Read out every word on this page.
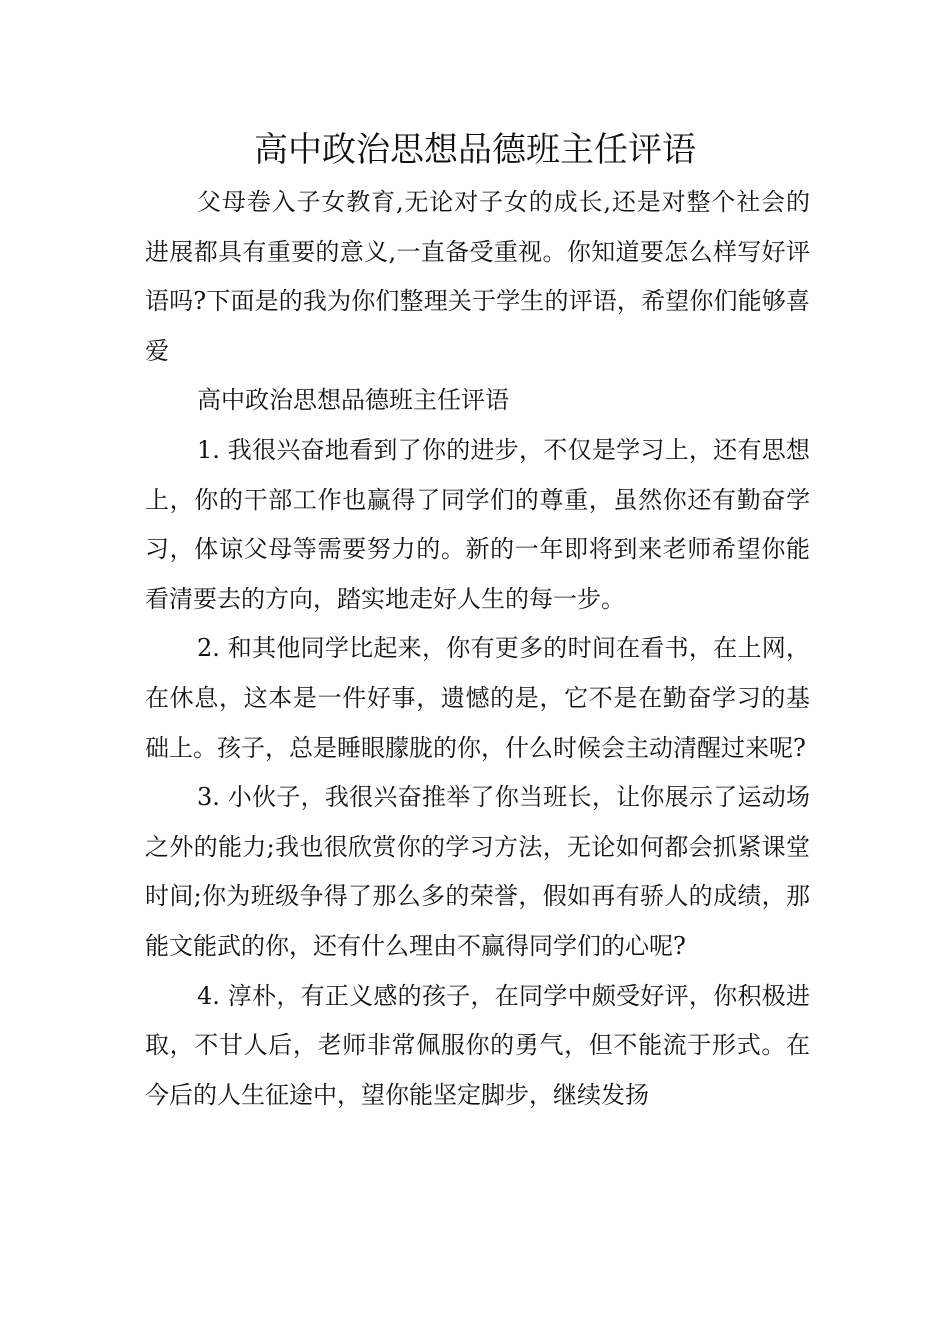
高中政治思想品德班主任评语

父母卷入子女教育,无论对子女的成长,还是对整个社会的进展都具有重要的意义,一直备受重视。你知道要怎么样写好评语吗?下面是的我为你们整理关于学生的评语，希望你们能够喜爱

高中政治思想品德班主任评语

1. 我很兴奋地看到了你的进步，不仅是学习上，还有思想上，你的干部工作也赢得了同学们的尊重，虽然你还有勤奋学习，体谅父母等需要努力的。新的一年即将到来老师希望你能看清要去的方向，踏实地走好人生的每一步。

2. 和其他同学比起来，你有更多的时间在看书，在上网，在休息，这本是一件好事，遗憾的是，它不是在勤奋学习的基础上。孩子，总是睡眼朦胧的你，什么时候会主动清醒过来呢?

3. 小伙子，我很兴奋推举了你当班长，让你展示了运动场之外的能力;我也很欣赏你的学习方法，无论如何都会抓紧课堂时间;你为班级争得了那么多的荣誉，假如再有骄人的成绩，那能文能武的你，还有什么理由不赢得同学们的心呢?

4. 淳朴，有正义感的孩子，在同学中颇受好评，你积极进取，不甘人后，老师非常佩服你的勇气，但不能流于形式。在今后的人生征途中，望你能坚定脚步，继续发扬
